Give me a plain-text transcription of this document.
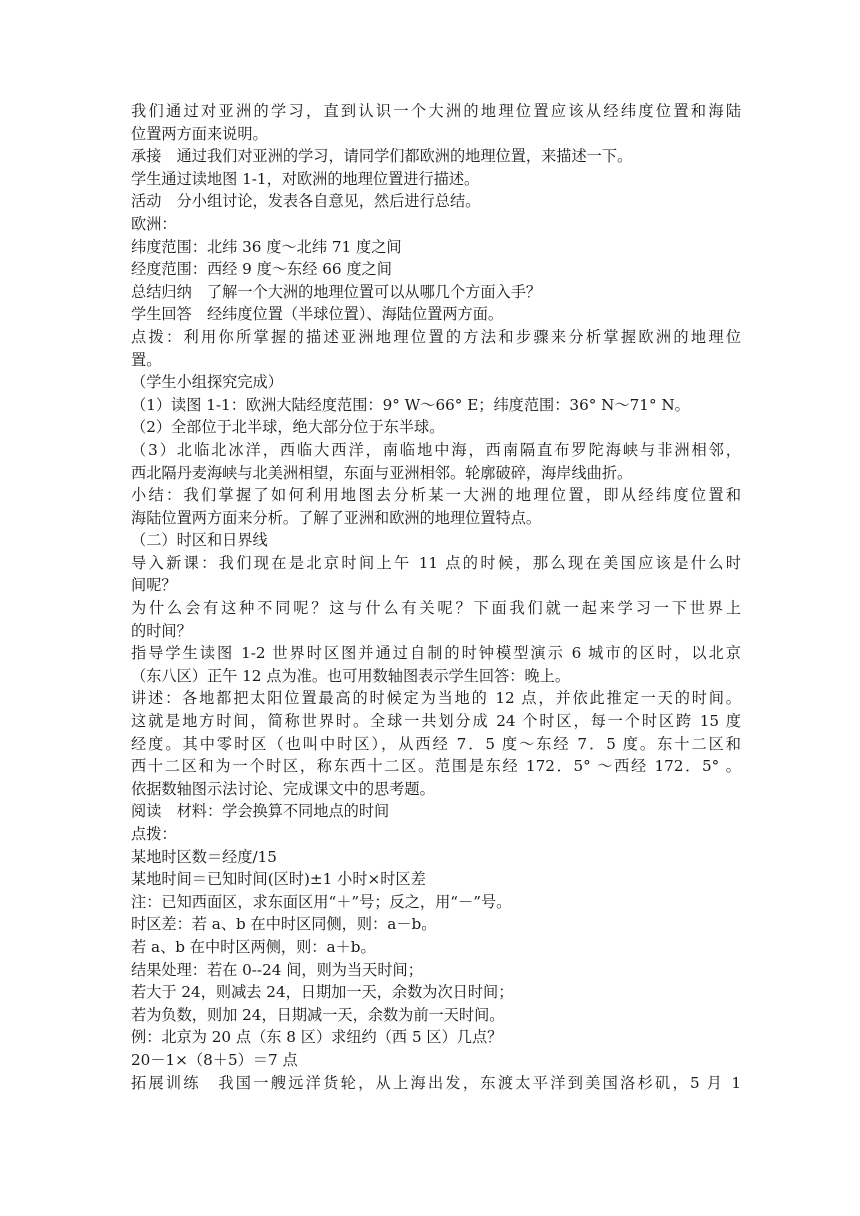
我们通过对亚洲的学习，直到认识一个大洲的地理位置应该从经纬度位置和海陆
位置两方面来说明。
承接　通过我们对亚洲的学习，请同学们都欧洲的地理位置，来描述一下。
学生通过读地图 1-1，对欧洲的地理位置进行描述。
活动　分小组讨论，发表各自意见，然后进行总结。
欧洲：
纬度范围：北纬 36 度～北纬 71 度之间
经度范围：西经 9 度～东经 66 度之间
总结归纳　了解一个大洲的地理位置可以从哪几个方面入手？
学生回答　经纬度位置（半球位置）、海陆位置两方面。
点拨：利用你所掌握的描述亚洲地理位置的方法和步骤来分析掌握欧洲的地理位
置。
（学生小组探究完成）
（1）读图 1-1：欧洲大陆经度范围：9° W～66° E；纬度范围：36° N～71° N。
（2）全部位于北半球，绝大部分位于东半球。
（3）北临北冰洋，西临大西洋，南临地中海，西南隔直布罗陀海峡与非洲相邻，
西北隔丹麦海峡与北美洲相望，东面与亚洲相邻。轮廓破碎，海岸线曲折。
小结：我们掌握了如何利用地图去分析某一大洲的地理位置，即从经纬度位置和
海陆位置两方面来分析。了解了亚洲和欧洲的地理位置特点。
（二）时区和日界线
导入新课：我们现在是北京时间上午 11 点的时候，那么现在美国应该是什么时
间呢？
为什么会有这种不同呢？这与什么有关呢？下面我们就一起来学习一下世界上
的时间？
指导学生读图 1-2 世界时区图并通过自制的时钟模型演示 6 城市的区时，以北京
（东八区）正午 12 点为准。也可用数轴图表示学生回答：晚上。
讲述：各地都把太阳位置最高的时候定为当地的 12 点，并依此推定一天的时间。
这就是地方时间，简称世界时。全球一共划分成 24 个时区，每一个时区跨 15 度
经度。其中零时区（也叫中时区），从西经 7．5 度～东经 7．5 度。东十二区和
西十二区和为一个时区，称东西十二区。范围是东经 172．5° ～西经 172．5° 。
依据数轴图示法讨论、完成课文中的思考题。
阅读　材料：学会换算不同地点的时间
点拨：
某地时区数＝经度/15
某地时间＝已知时间(区时)±1 小时×时区差
注：已知西面区，求东面区用“＋”号；反之，用“－”号。
时区差：若 a、b 在中时区同侧，则：a－b。
若 a、b 在中时区两侧，则：a＋b。
结果处理：若在 0--24 间，则为当天时间；
若大于 24，则减去 24，日期加一天，余数为次日时间；
若为负数，则加 24，日期减一天，余数为前一天时间。
例：北京为 20 点（东 8 区）求纽约（西 5 区）几点？
20－1×（8＋5）＝7 点
拓展训练　我国一艘远洋货轮，从上海出发，东渡太平洋到美国洛杉矶，5 月 1
